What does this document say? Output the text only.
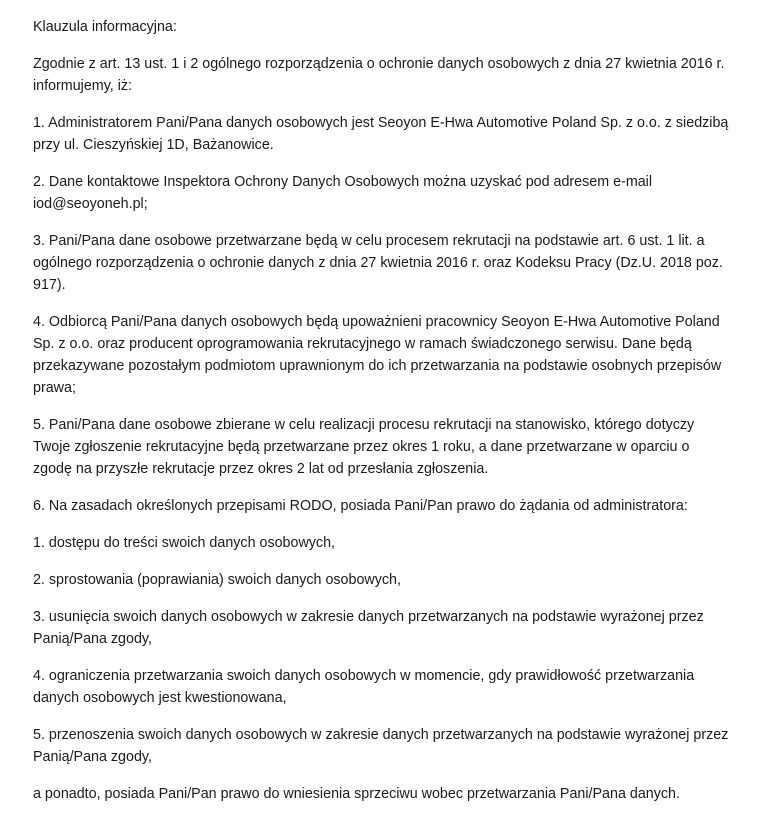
Klauzula informacyjna:

Zgodnie z art. 13 ust. 1 i 2 ogólnego rozporządzenia o ochronie danych osobowych z dnia 27 kwietnia 2016 r. informujemy, iż:

1. Administratorem Pani/Pana danych osobowych jest Seoyon E-Hwa Automotive Poland Sp. z o.o. z siedzibą przy ul. Cieszyńskiej 1D, Bażanowice.

2. Dane kontaktowe Inspektora Ochrony Danych Osobowych można uzyskać pod adresem e-mail iod@seoyoneh.pl;

3. Pani/Pana dane osobowe przetwarzane będą w celu procesem rekrutacji na podstawie art. 6 ust. 1 lit. a ogólnego rozporządzenia o ochronie danych z dnia 27 kwietnia 2016 r. oraz Kodeksu Pracy (Dz.U. 2018 poz. 917).

4. Odbiorcą Pani/Pana danych osobowych będą upoważnieni pracownicy Seoyon E-Hwa Automotive Poland Sp. z o.o. oraz producent oprogramowania rekrutacyjnego w ramach świadczonego serwisu. Dane będą przekazywane pozostałym podmiotom uprawnionym do ich przetwarzania na podstawie osobnych przepisów prawa;

5. Pani/Pana dane osobowe zbierane w celu realizacji procesu rekrutacji na stanowisko, którego dotyczy Twoje zgłoszenie rekrutacyjne będą przetwarzane przez okres 1 roku, a dane przetwarzane w oparciu o zgodę na przyszłe rekrutacje przez okres 2 lat od przesłania zgłoszenia.

6. Na zasadach określonych przepisami RODO, posiada Pani/Pan prawo do żądania od administratora:

1. dostępu do treści swoich danych osobowych,

2. sprostowania (poprawiania) swoich danych osobowych,

3. usunięcia swoich danych osobowych w zakresie danych przetwarzanych na podstawie wyrażonej przez Panią/Pana zgody,

4. ograniczenia przetwarzania swoich danych osobowych w momencie, gdy prawidłowość przetwarzania danych osobowych jest kwestionowana,

5. przenoszenia swoich danych osobowych w zakresie danych przetwarzanych na podstawie wyrażonej przez Panią/Pana zgody,

a ponadto, posiada Pani/Pan prawo do wniesienia sprzeciwu wobec przetwarzania Pani/Pana danych.
